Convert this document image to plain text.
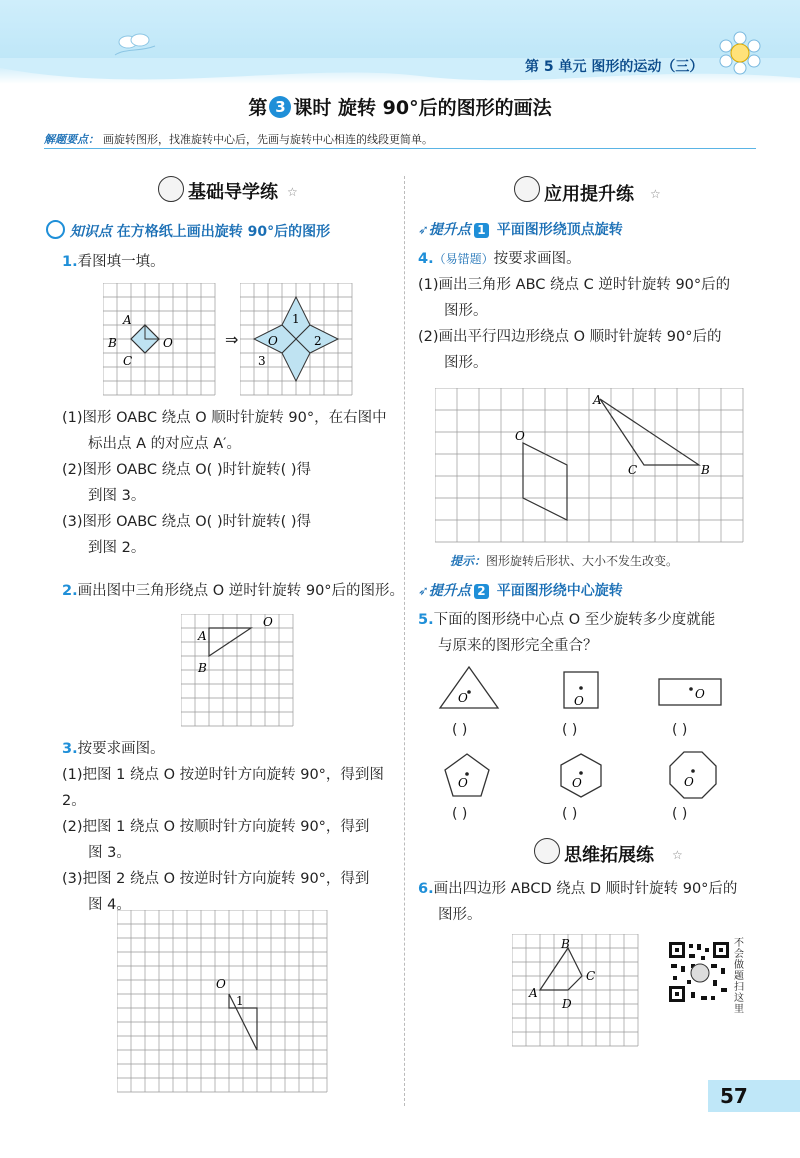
第 5 单元 图形的运动（三）
第 3 课时 旋转 90°后的图形的画法
解题要点： 画旋转图形，找准旋转中心后，先画与旋转中心相连的线段更简单。
基础导学练 ☆
知识点 在方格纸上画出旋转 90°后的图形
1.看图填一填。
A
B
C
O	⇒
1
2
3
O
(1)图形 OABC 绕点 O 顺时针旋转 90°，在右图中
标出点 A 的对应点 A′。
(2)图形 OABC 绕点 O( )时针旋转( )得
到图 3。
(3)图形 OABC 绕点 O( )时针旋转( )得
到图 2。
2.画出图中三角形绕点 O 逆时针旋转 90°后的图形。
A
B
O
3.按要求画图。
(1)把图 1 绕点 O 按逆时针方向旋转 90°，得到图 2。
(2)把图 1 绕点 O 按顺时针方向旋转 90°，得到
图 3。
(3)把图 2 绕点 O 按逆时针方向旋转 90°，得到
图 4。
O
1
应用提升练 ☆
➶提升点 1 平面图形绕顶点旋转
4.（易错题）按要求画图。
(1)画出三角形 ABC 绕点 C 逆时针旋转 90°后的
图形。
(2)画出平行四边形绕点 O 顺时针旋转 90°后的
图形。
O
A
C	B
提示：图形旋转后形状、大小不发生改变。
➶提升点 2 平面图形绕中心旋转
5.下面的图形绕中心点 O 至少旋转多少度就能
与原来的图形完全重合？
O	O	O
( )	( )	( )
O	O	O
( )	( )	( )
思维拓展练 ☆
6.画出四边形 ABCD 绕点 D 顺时针旋转 90°后的
图形。
A
B
C
D
不会做题扫这里
57
